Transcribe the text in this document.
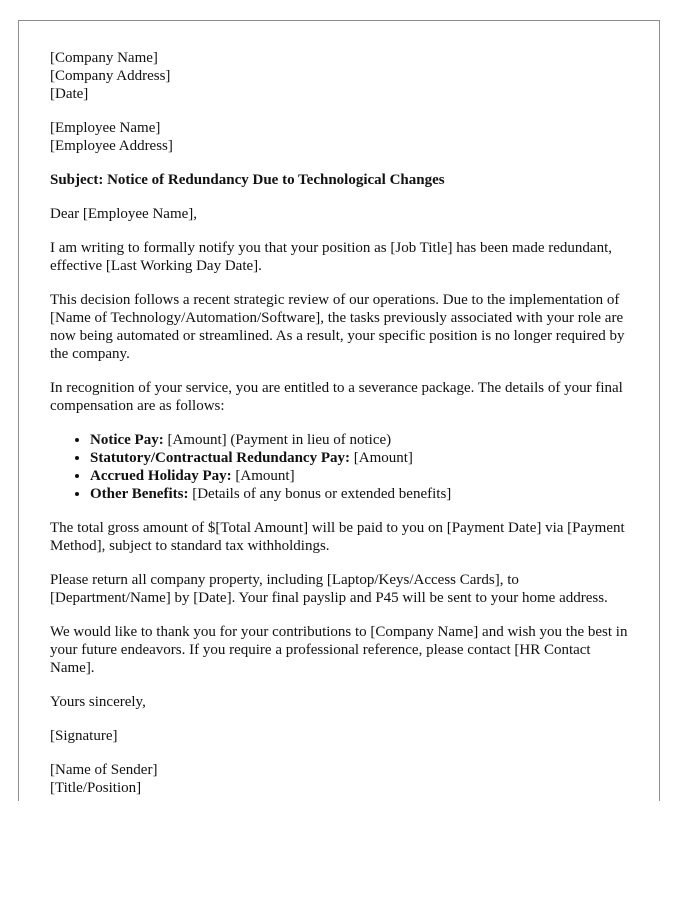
[Company Name]
[Company Address]
[Date]
[Employee Name]
[Employee Address]

Subject: Notice of Redundancy Due to Technological Changes

Dear [Employee Name],

I am writing to formally notify you that your position as [Job Title] has been made redundant, effective [Last Working Day Date].

This decision follows a recent strategic review of our operations. Due to the implementation of [Name of Technology/Automation/Software], the tasks previously associated with your role are now being automated or streamlined. As a result, your specific position is no longer required by the company.

In recognition of your service, you are entitled to a severance package. The details of your final compensation are as follows:

• Notice Pay: [Amount] (Payment in lieu of notice)
• Statutory/Contractual Redundancy Pay: [Amount]
• Accrued Holiday Pay: [Amount]
• Other Benefits: [Details of any bonus or extended benefits]

The total gross amount of $[Total Amount] will be paid to you on [Payment Date] via [Payment Method], subject to standard tax withholdings.

Please return all company property, including [Laptop/Keys/Access Cards], to [Department/Name] by [Date]. Your final payslip and P45 will be sent to your home address.

We would like to thank you for your contributions to [Company Name] and wish you the best in your future endeavors. If you require a professional reference, please contact [HR Contact Name].

Yours sincerely,

[Signature]

[Name of Sender]
[Title/Position]
